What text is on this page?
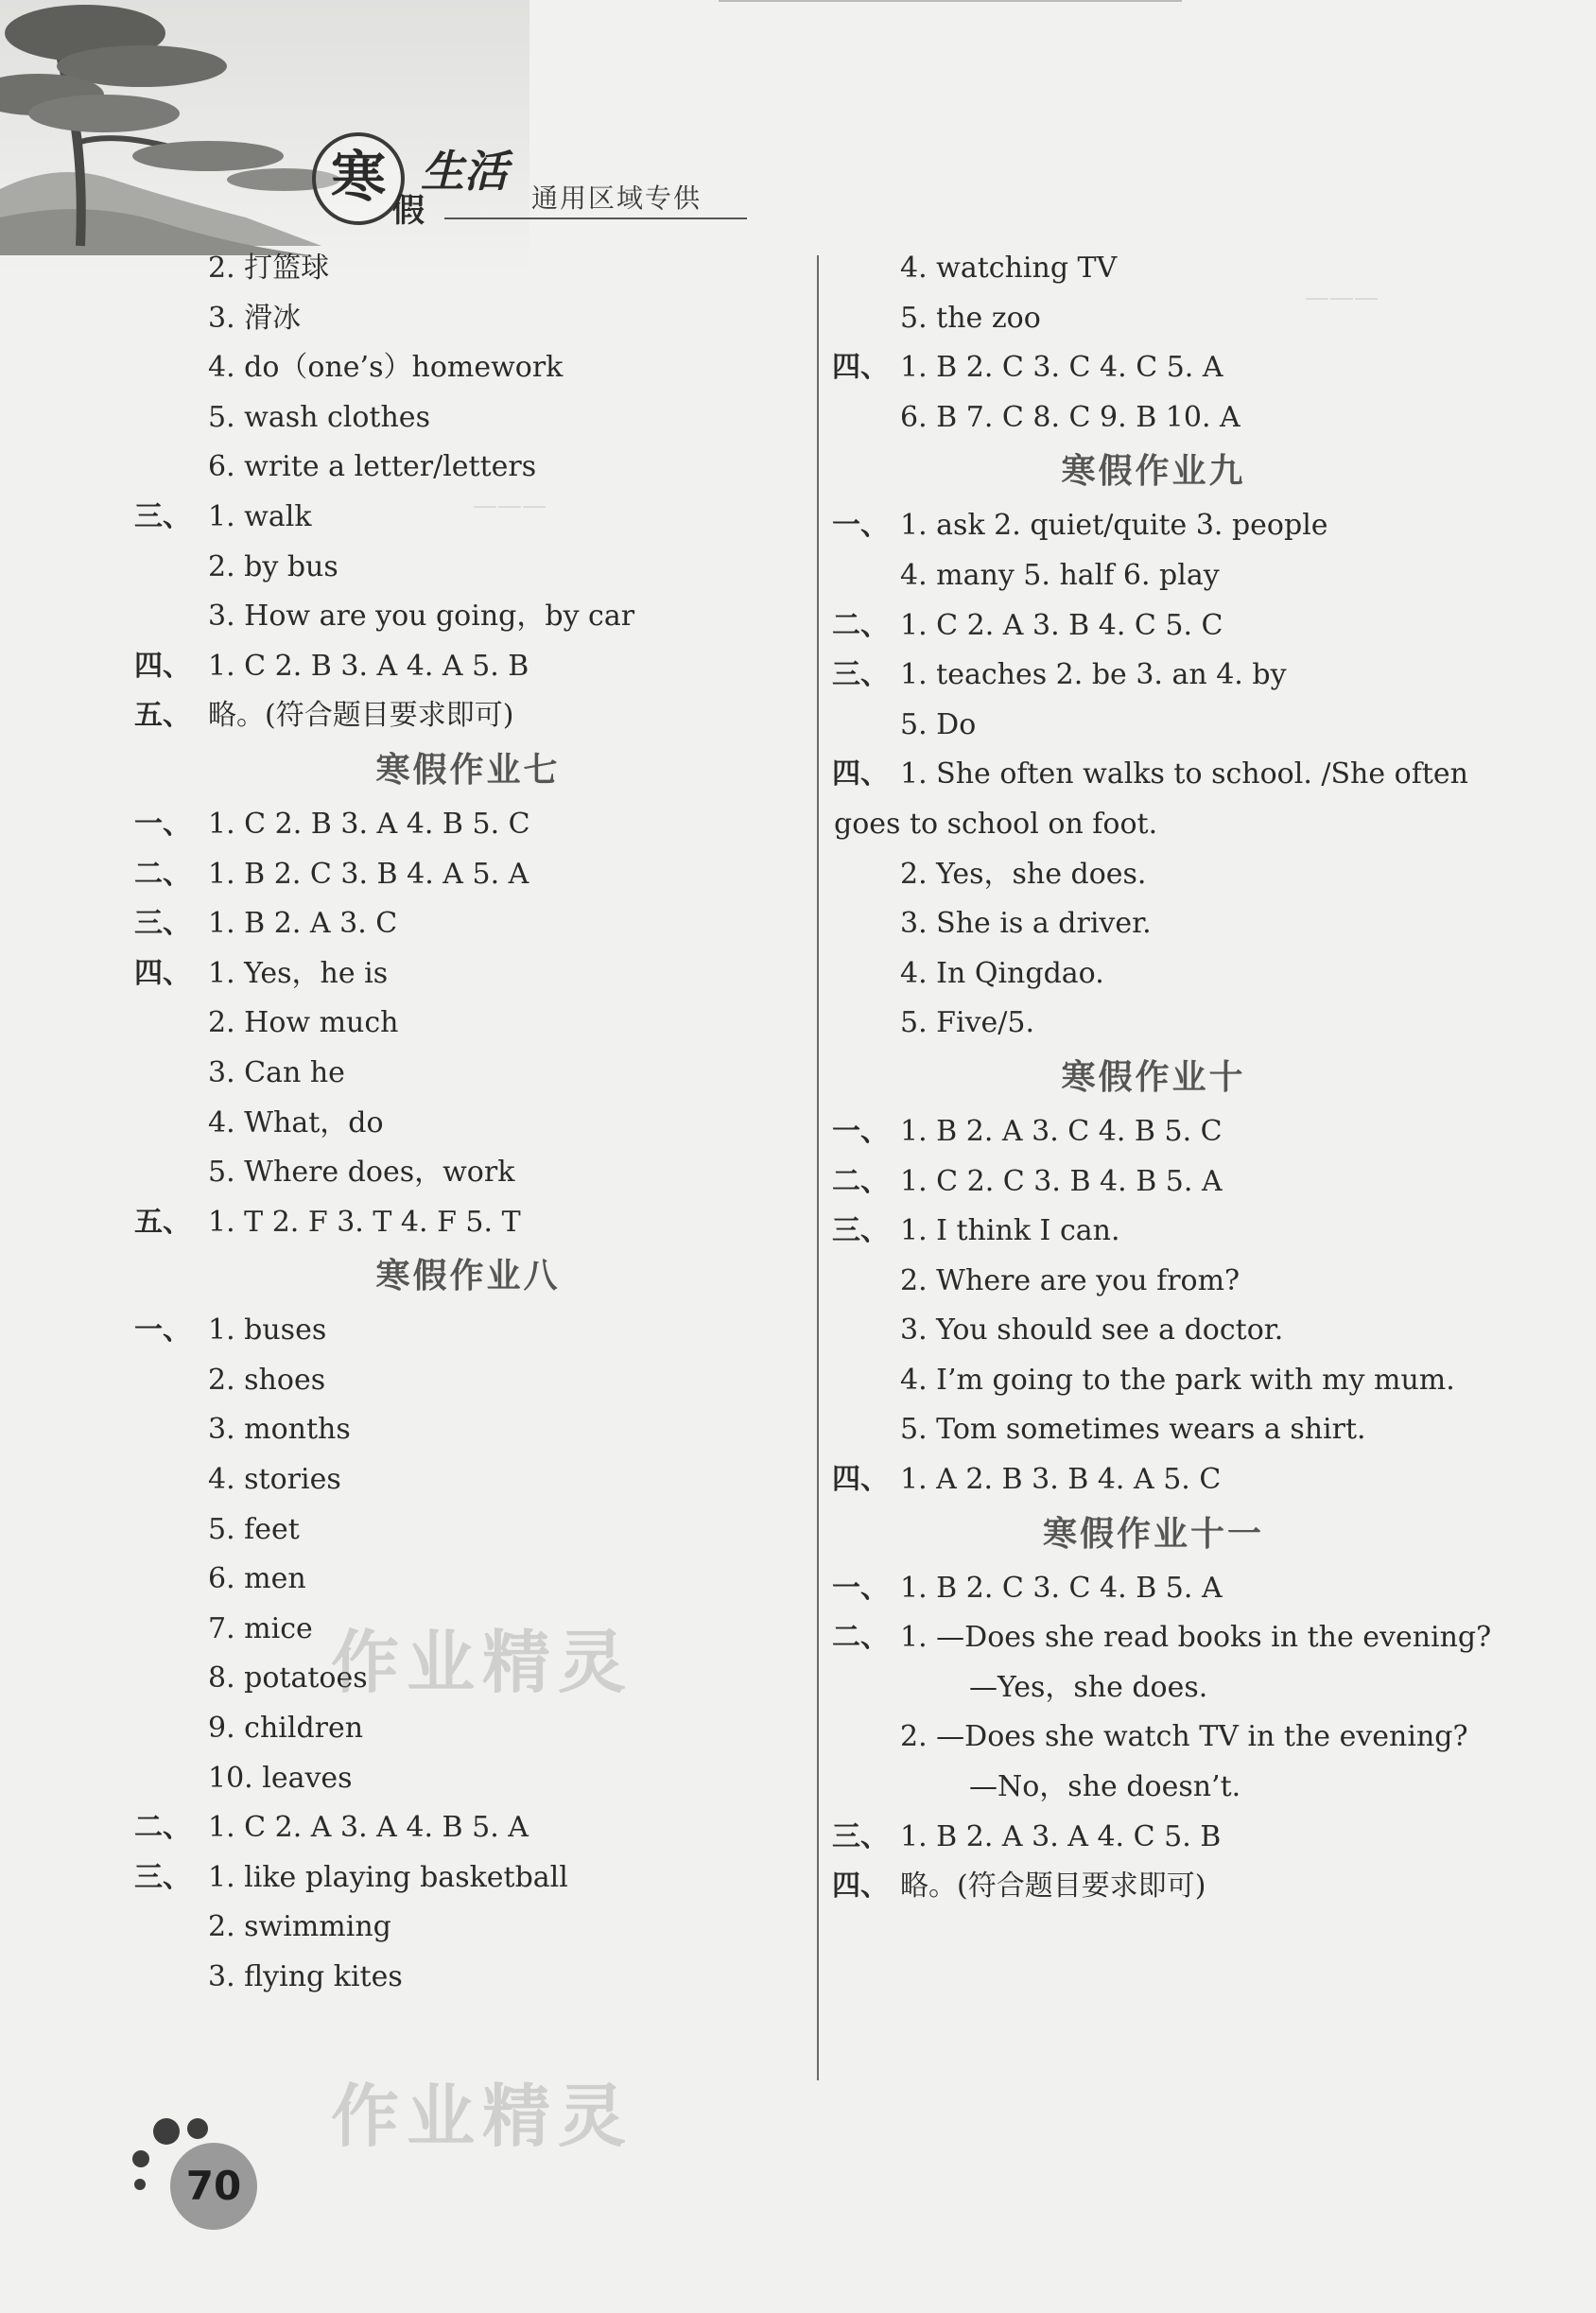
寒
假
生活
通用区域专供
———
———
2. 打篮球
3. 滑冰
4. do（one’s）homework
5. wash clothes
6. write a letter/letters
三、 1. walk
2. by bus
3. How are you going，by car
四、 1. C 2. B 3. A 4. A 5. B
五、 略。(符合题目要求即可)
寒假作业七
一、 1. C 2. B 3. A 4. B 5. C
二、 1. B 2. C 3. B 4. A 5. A
三、 1. B 2. A 3. C
四、 1. Yes，he is
2. How much
3. Can he
4. What，do
5. Where does，work
五、 1. T 2. F 3. T 4. F 5. T
寒假作业八
一、 1. buses
2. shoes
3. months
4. stories
5. feet
6. men
7. mice
8. potatoes
9. children
10. leaves
二、 1. C 2. A 3. A 4. B 5. A
三、 1. like playing basketball
2. swimming
3. flying kites
4. watching TV
5. the zoo
四、 1. B 2. C 3. C 4. C 5. A
6. B 7. C 8. C 9. B 10. A
寒假作业九
一、 1. ask 2. quiet/quite 3. people
4. many 5. half 6. play
二、 1. C 2. A 3. B 4. C 5. C
三、 1. teaches 2. be 3. an 4. by
5. Do
四、 1. She often walks to school. /She often
goes to school on foot.
2. Yes，she does.
3. She is a driver.
4. In Qingdao.
5. Five/5.
寒假作业十
一、 1. B 2. A 3. C 4. B 5. C
二、 1. C 2. C 3. B 4. B 5. A
三、 1. I think I can.
2. Where are you from?
3. You should see a doctor.
4. I’m going to the park with my mum.
5. Tom sometimes wears a shirt.
四、 1. A 2. B 3. B 4. A 5. C
寒假作业十一
一、 1. B 2. C 3. C 4. B 5. A
二、 1. —Does she read books in the evening?
—Yes，she does.
2. —Does she watch TV in the evening?
—No，she doesn’t.
三、 1. B 2. A 3. A 4. C 5. B
四、 略。(符合题目要求即可)
作业精灵
作业精灵
70
